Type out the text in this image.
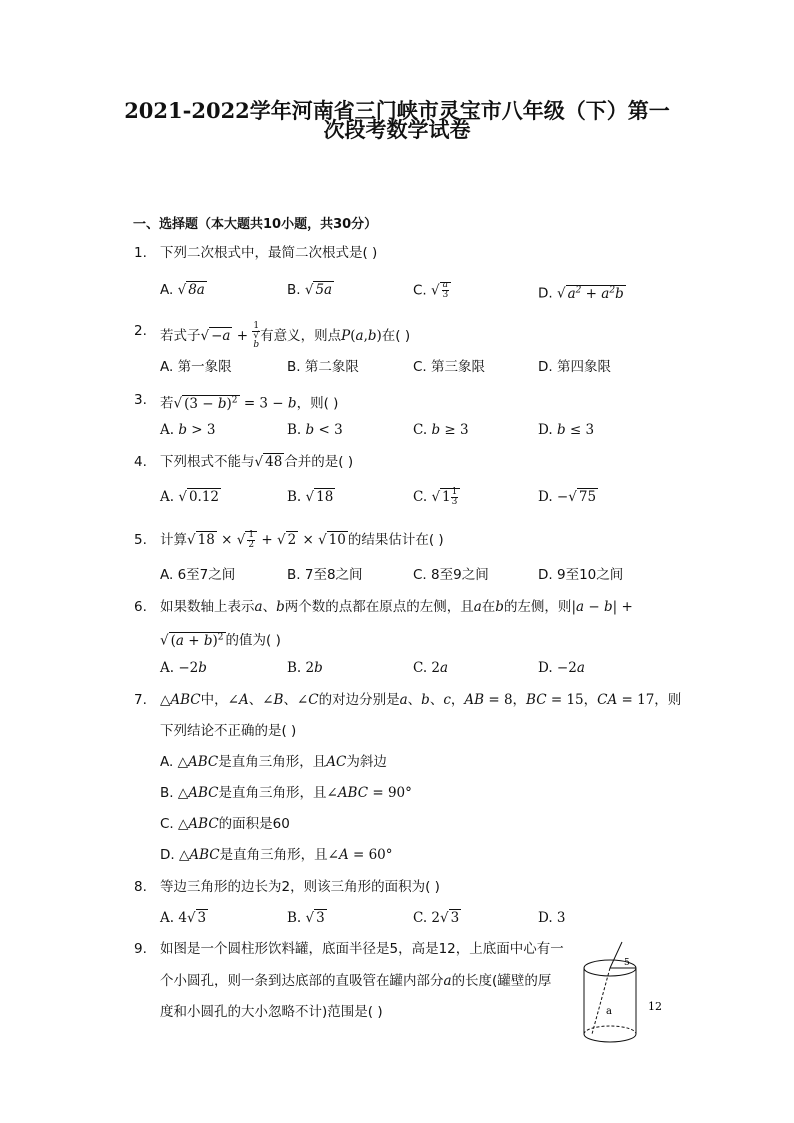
2021-2022学年河南省三门峡市灵宝市八年级（下）第一
次段考数学试卷
一、选择题（本大题共10小题，共30分）
1. 下列二次根式中，最简二次根式是( )
A. √ 8a	B. √ 5a	C. √ $\frac{a}{3}$	D. √ $a^2 + a^2b$
2. 若式子√ −a + 1
√
b 有意义，则点P(a,b)在( )
A. 第一象限	B. 第二象限	C. 第三象限	D. 第四象限
3. 若√ $(3 - b)^2 = 3 - b$，则( )
A. b > 3	B. b < 3	C. b ≥ 3	D. b ≤ 3
4. 下列根式不能与√ 48 合并的是( )
A. √ 0.12	B. √ 18	C. √ $1 \frac{1}{3}$	D. −√ 75
5. 计算√ 18 × √ $\frac{1}{2}$ + √ 2 × √ 10 的结果估计在( )
A. 6至7之间	B. 7至8之间	C. 8至9之间	D. 9至10之间
6. 如果数轴上表示a、b两个数的点都在原点的左侧，且a在b的左侧，则|a − b| +
√ $(a + b)^2$ 的值为( )
A. −2b	B. 2b	C. 2a	D. −2a
7. △ABC中，∠A、∠B、∠C的对边分别是a、b、c，AB = 8，BC = 15，CA = 17，则
下列结论不正确的是( )
A. △ABC是直角三角形，且AC为斜边
B. △ABC是直角三角形，且∠ABC = 90°
C. △ABC的面积是60
D. △ABC是直角三角形，且∠A = 60°
8. 等边三角形的边长为2，则该三角形的面积为( )
A. 4√ 3	B. √ 3	C. 2√ 3	D. 3
9. 如图是一个圆柱形饮料罐，底面半径是5，高是12，上底面中心有一
个小圆孔，则一条到达底部的直吸管在罐内部分a的长度(罐壁的厚
度和小圆孔的大小忽略不计)范围是( )
5
a	12
